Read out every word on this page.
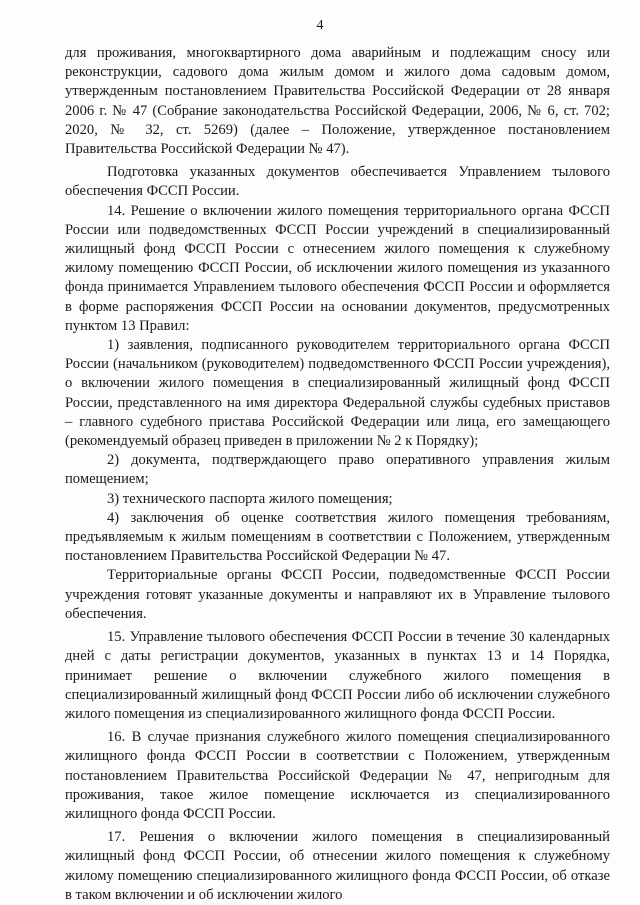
4

для проживания, многоквартирного дома аварийным и подлежащим сносу или реконструкции, садового дома жилым домом и жилого дома садовым домом, утвержденным постановлением Правительства Российской Федерации от 28 января 2006 г. № 47 (Собрание законодательства Российской Федерации, 2006, № 6, ст. 702; 2020, № 32, ст. 5269) (далее – Положение, утвержденное постановлением Правительства Российской Федерации № 47).

Подготовка указанных документов обеспечивается Управлением тылового обеспечения ФССП России.

14. Решение о включении жилого помещения территориального органа ФССП России или подведомственных ФССП России учреждений в специализированный жилищный фонд ФССП России с отнесением жилого помещения к служебному жилому помещению ФССП России, об исключении жилого помещения из указанного фонда принимается Управлением тылового обеспечения ФССП России и оформляется в форме распоряжения ФССП России на основании документов, предусмотренных пунктом 13 Правил:

1) заявления, подписанного руководителем территориального органа ФССП России (начальником (руководителем) подведомственного ФССП России учреждения), о включении жилого помещения в специализированный жилищный фонд ФССП России, представленного на имя директора Федеральной службы судебных приставов – главного судебного пристава Российской Федерации или лица, его замещающего (рекомендуемый образец приведен в приложении № 2 к Порядку);

2) документа, подтверждающего право оперативного управления жилым помещением;

3) технического паспорта жилого помещения;

4) заключения об оценке соответствия жилого помещения требованиям, предъявляемым к жилым помещениям в соответствии с Положением, утвержденным постановлением Правительства Российской Федерации № 47.

Территориальные органы ФССП России, подведомственные ФССП России учреждения готовят указанные документы и направляют их в Управление тылового обеспечения.

15. Управление тылового обеспечения ФССП России в течение 30 календарных дней с даты регистрации документов, указанных в пунктах 13 и 14 Порядка, принимает решение о включении служебного жилого помещения в специализированный жилищный фонд ФССП России либо об исключении служебного жилого помещения из специализированного жилищного фонда ФССП России.

16. В случае признания служебного жилого помещения специализированного жилищного фонда ФССП России в соответствии с Положением, утвержденным постановлением Правительства Российской Федерации № 47, непригодным для проживания, такое жилое помещение исключается из специализированного жилищного фонда ФССП России.

17. Решения о включении жилого помещения в специализированный жилищный фонд ФССП России, об отнесении жилого помещения к служебному жилому помещению специализированного жилищного фонда ФССП России, об отказе в таком включении и об исключении жилого
